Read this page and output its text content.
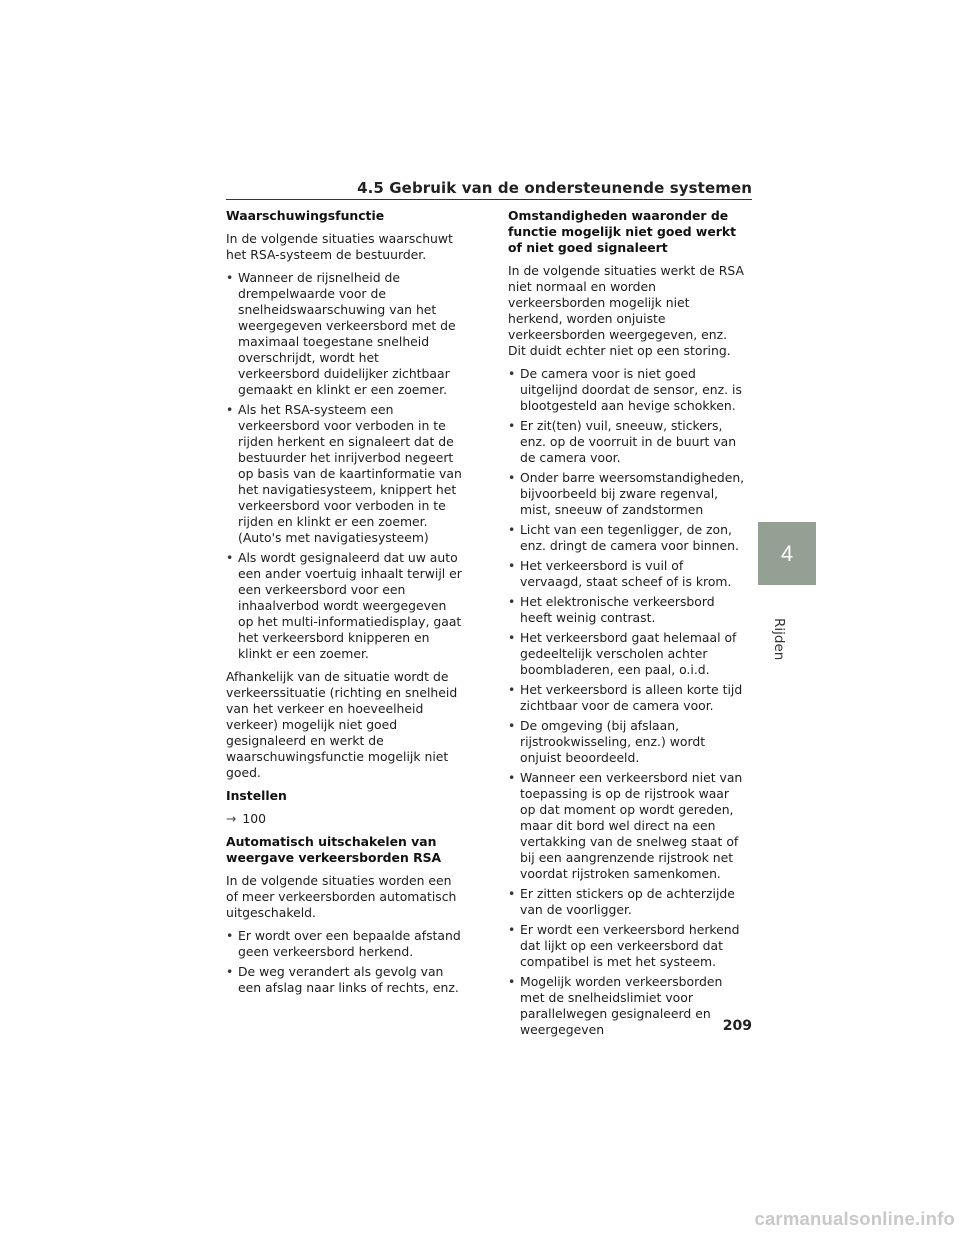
4.5 Gebruik van de ondersteunende systemen
Waarschuwingsfunctie

In de volgende situaties waarschuwt het RSA-systeem de bestuurder.

• Wanneer de rijsnelheid de drempelwaarde voor de snelheidswaarschuwing van het weergegeven verkeersbord met de maximaal toegestane snelheid overschrijdt, wordt het verkeersbord duidelijker zichtbaar gemaakt en klinkt er een zoemer.
• Als het RSA-systeem een verkeersbord voor verboden in te rijden herkent en signaleert dat de bestuurder het inrijverbod negeert op basis van de kaartinformatie van het navigatiesysteem, knippert het verkeersbord voor verboden in te rijden en klinkt er een zoemer. (Auto's met navigatiesysteem)
• Als wordt gesignaleerd dat uw auto een ander voertuig inhaalt terwijl er een verkeersbord voor een inhaalverbod wordt weergegeven op het multi-informatiedisplay, gaat het verkeersbord knipperen en klinkt er een zoemer.

Afhankelijk van de situatie wordt de verkeerssituatie (richting en snelheid van het verkeer en hoeveelheid verkeer) mogelijk niet goed gesignaleerd en werkt de waarschuwingsfunctie mogelijk niet goed.

Instellen

→ 100

Automatisch uitschakelen van weergave verkeersborden RSA

In de volgende situaties worden een of meer verkeersborden automatisch uitgeschakeld.

• Er wordt over een bepaalde afstand geen verkeersbord herkend.
• De weg verandert als gevolg van een afslag naar links of rechts, enz.
Omstandigheden waaronder de functie mogelijk niet goed werkt of niet goed signaleert

In de volgende situaties werkt de RSA niet normaal en worden verkeersborden mogelijk niet herkend, worden onjuiste verkeersborden weergegeven, enz. Dit duidt echter niet op een storing.

• De camera voor is niet goed uitgelijnd doordat de sensor, enz. is blootgesteld aan hevige schokken.
• Er zit(ten) vuil, sneeuw, stickers, enz. op de voorruit in de buurt van de camera voor.
• Onder barre weersomstandigheden, bijvoorbeeld bij zware regenval, mist, sneeuw of zandstormen
• Licht van een tegenligger, de zon, enz. dringt de camera voor binnen.
• Het verkeersbord is vuil of vervaagd, staat scheef of is krom.
• Het elektronische verkeersbord heeft weinig contrast.
• Het verkeersbord gaat helemaal of gedeeltelijk verscholen achter boombladeren, een paal, o.i.d.
• Het verkeersbord is alleen korte tijd zichtbaar voor de camera voor.
• De omgeving (bij afslaan, rijstrookwisseling, enz.) wordt onjuist beoordeeld.
• Wanneer een verkeersbord niet van toepassing is op de rijstrook waar op dat moment op wordt gereden, maar dit bord wel direct na een vertakking van de snelweg staat of bij een aangrenzende rijstrook net voordat rijstroken samenkomen.
• Er zitten stickers op de achterzijde van de voorligger.
• Er wordt een verkeersbord herkend dat lijkt op een verkeersbord dat compatibel is met het systeem.
• Mogelijk worden verkeersborden met de snelheidslimiet voor parallelwegen gesignaleerd en weergegeven
4
Rijden
209
carmanualsonline.info
